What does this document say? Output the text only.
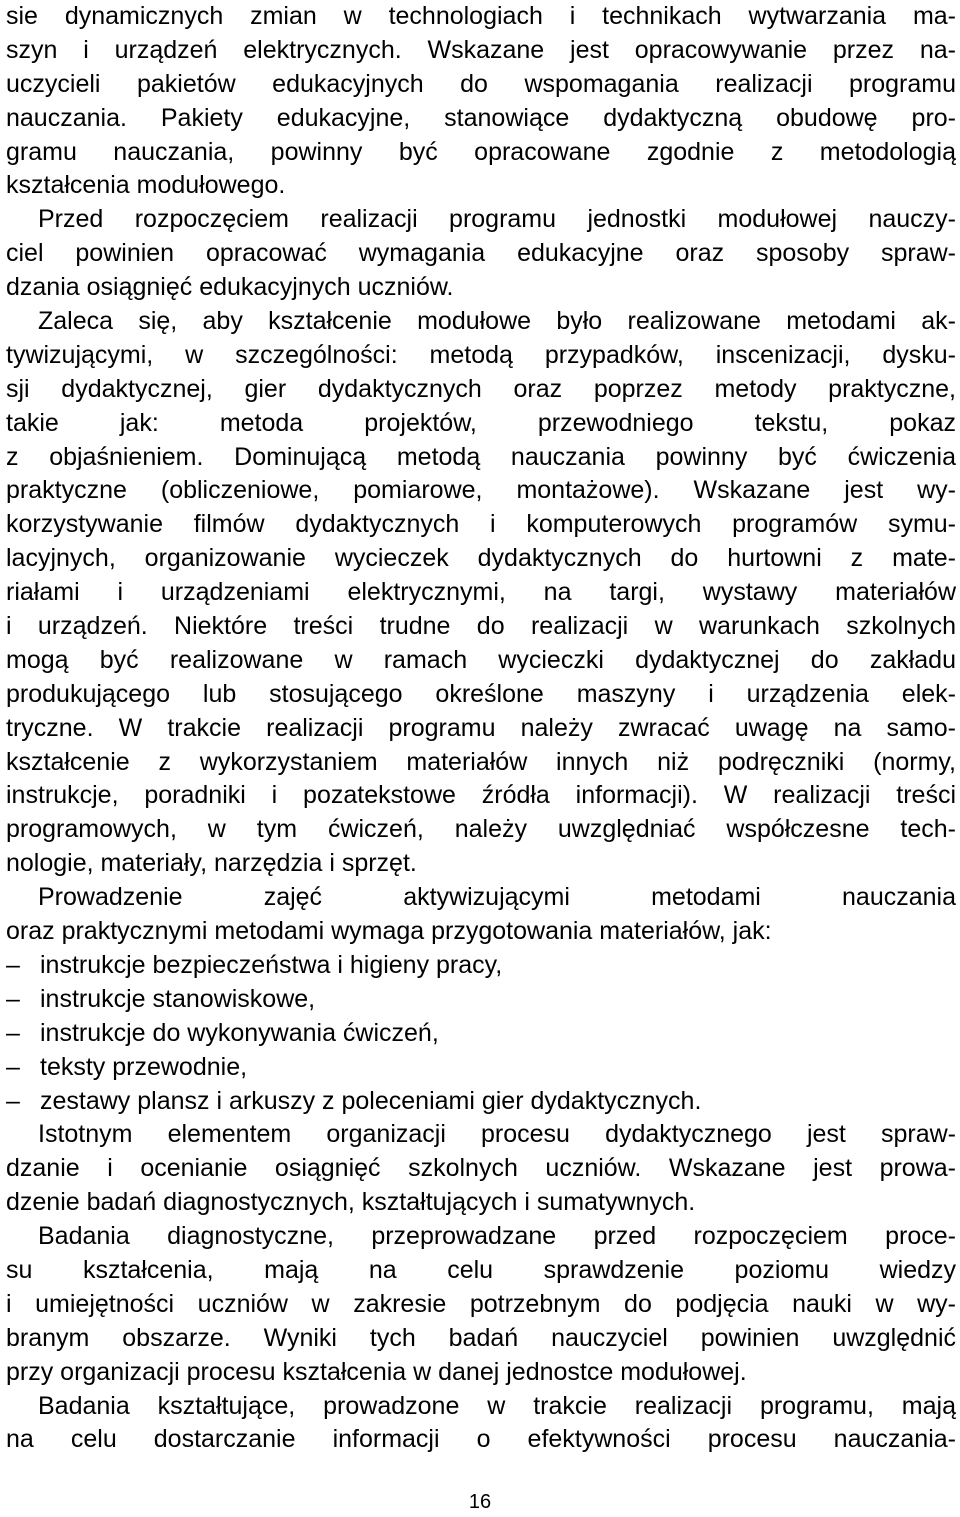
sie dynamicznych zmian w technologiach i technikach wytwarzania ma-
szyn i urządzeń elektrycznych. Wskazane jest opracowywanie przez na-
uczycieli pakietów edukacyjnych do wspomagania realizacji programu
nauczania. Pakiety edukacyjne, stanowiące dydaktyczną obudowę pro-
gramu nauczania, powinny być opracowane zgodnie z metodologią
kształcenia modułowego.
Przed rozpoczęciem realizacji programu jednostki modułowej nauczy-
ciel powinien opracować wymagania edukacyjne oraz sposoby spraw-
dzania osiągnięć edukacyjnych uczniów.
Zaleca się, aby kształcenie modułowe było realizowane metodami ak-
tywizującymi, w szczególności: metodą przypadków, inscenizacji, dysku-
sji dydaktycznej, gier dydaktycznych oraz poprzez metody praktyczne,
takie jak: metoda projektów, przewodniego tekstu, pokaz
z objaśnieniem. Dominującą metodą nauczania powinny być ćwiczenia
praktyczne (obliczeniowe, pomiarowe, montażowe). Wskazane jest wy-
korzystywanie filmów dydaktycznych i komputerowych programów symu-
lacyjnych, organizowanie wycieczek dydaktycznych do hurtowni z mate-
riałami i urządzeniami elektrycznymi, na targi, wystawy materiałów
i urządzeń. Niektóre treści trudne do realizacji w warunkach szkolnych
mogą być realizowane w ramach wycieczki dydaktycznej do zakładu
produkującego lub stosującego określone maszyny i urządzenia elek-
tryczne. W trakcie realizacji programu należy zwracać uwagę na samo-
kształcenie z wykorzystaniem materiałów innych niż podręczniki (normy,
instrukcje, poradniki i pozatekstowe źródła informacji). W realizacji treści
programowych, w tym ćwiczeń, należy uwzględniać współczesne tech-
nologie, materiały, narzędzia i sprzęt.
Prowadzenie zajęć aktywizującymi metodami nauczania
oraz praktycznymi metodami wymaga przygotowania materiałów, jak:
– instrukcje bezpieczeństwa i higieny pracy,
– instrukcje stanowiskowe,
– instrukcje do wykonywania ćwiczeń,
– teksty przewodnie,
– zestawy plansz i arkuszy z poleceniami gier dydaktycznych.
Istotnym elementem organizacji procesu dydaktycznego jest spraw-
dzanie i ocenianie osiągnięć szkolnych uczniów. Wskazane jest prowa-
dzenie badań diagnostycznych, kształtujących i sumatywnych.
Badania diagnostyczne, przeprowadzane przed rozpoczęciem proce-
su kształcenia, mają na celu sprawdzenie poziomu wiedzy
i umiejętności uczniów w zakresie potrzebnym do podjęcia nauki w wy-
branym obszarze. Wyniki tych badań nauczyciel powinien uwzględnić
przy organizacji procesu kształcenia w danej jednostce modułowej.
Badania kształtujące, prowadzone w trakcie realizacji programu, mają
na celu dostarczanie informacji o efektywności procesu nauczania-
16
